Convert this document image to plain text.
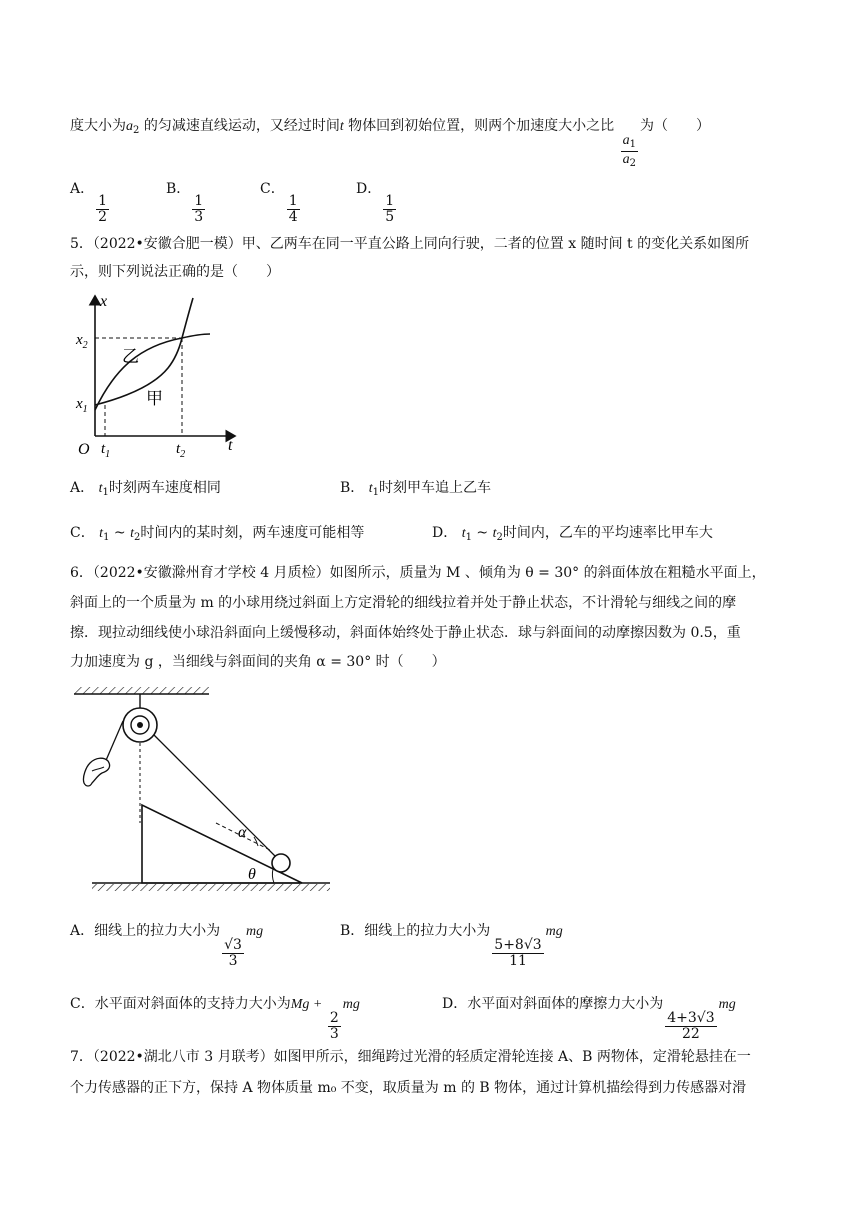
度大小为$a_2$ 的匀减速直线运动，又经过时间t 物体回到初始位置，则两个加速度大小之比
$\frac{a_1}{a_2}$
为（　　）
A．
$\frac{1}{2}$
B．
$\frac{1}{3}$
C．
$\frac{1}{4}$
D．
$\frac{1}{5}$
5．（2022•安徽合肥一模）甲、乙两车在同一平直公路上同向行驶，二者的位置 x 随时间 t 的变化关系如图所
示，则下列说法正确的是（　　）
x
t
O
$x_2$
$x_1$
$t_1$	$t_2$
乙
甲
A． $t_1$时刻两车速度相同	B． $t_1$时刻甲车追上乙车
C． $t_1$ ~ $t_2$时间内的某时刻，两车速度可能相等	D． $t_1$ ~ $t_2$时间内，乙车的平均速率比甲车大
6．（2022•安徽滁州育才学校 4 月质检）如图所示，质量为 M 、倾角为 θ = 30° 的斜面体放在粗糙水平面上，
斜面上的一个质量为 m 的小球用绕过斜面上方定滑轮的细线拉着并处于静止状态，不计滑轮与细线之间的摩
擦．现拉动细线使小球沿斜面向上缓慢移动，斜面体始终处于静止状态．球与斜面间的动摩擦因数为 0.5，重
力加速度为 g ，当细线与斜面间的夹角 α = 30° 时（　　）
α
θ
A．细线上的拉力大小为
$\frac{√3}{3}$
mg	B．细线上的拉力大小为
$\frac{5+8√3}{11}$
mg
C．水平面对斜面体的支持力大小为Mg +
$\frac{2}{3}$
mg	D．水平面对斜面体的摩擦力大小为
$\frac{4+3√3}{22}$
mg
7．（2022•湖北八市 3 月联考）如图甲所示，细绳跨过光滑的轻质定滑轮连接 A、B 两物体，定滑轮悬挂在一
个力传感器的正下方，保持 A 物体质量 m₀ 不变，取质量为 m 的 B 物体，通过计算机描绘得到力传感器对滑
